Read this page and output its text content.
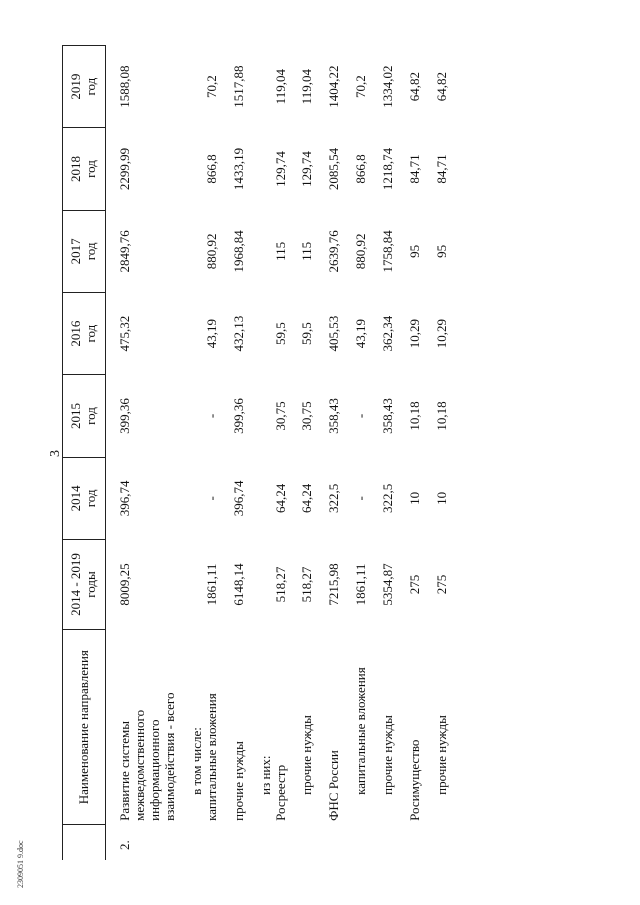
3

	Наименование направления	2014 - 2019 годы	2014 год	2015 год	2016 год	2017 год	2018 год	2019 год

2.	Развитие системы межведомственного информационного взаимодействия - всего	8009,25	396,74	399,36	475,32	2849,76	2299,99	1588,08
	в том числе:							
	капитальные вложения	1861,11	-	-	43,19	880,92	866,8	70,2
	прочие нужды	6148,14	396,74	399,36	432,13	1968,84	1433,19	1517,88
	из них:							
	Росреестр	518,27	64,24	30,75	59,5	115	129,74	119,04
	прочие нужды	518,27	64,24	30,75	59,5	115	129,74	119,04
	ФНС России	7215,98	322,5	358,43	405,53	2639,76	2085,54	1404,22
	капитальные вложения	1861,11	-	-	43,19	880,92	866,8	70,2
	прочие нужды	5354,87	322,5	358,43	362,34	1758,84	1218,74	1334,02
	Росимущество	275	10	10,18	10,29	95	84,71	64,82
	прочие нужды	275	10	10,18	10,29	95	84,71	64,82
2309051 9.doc
